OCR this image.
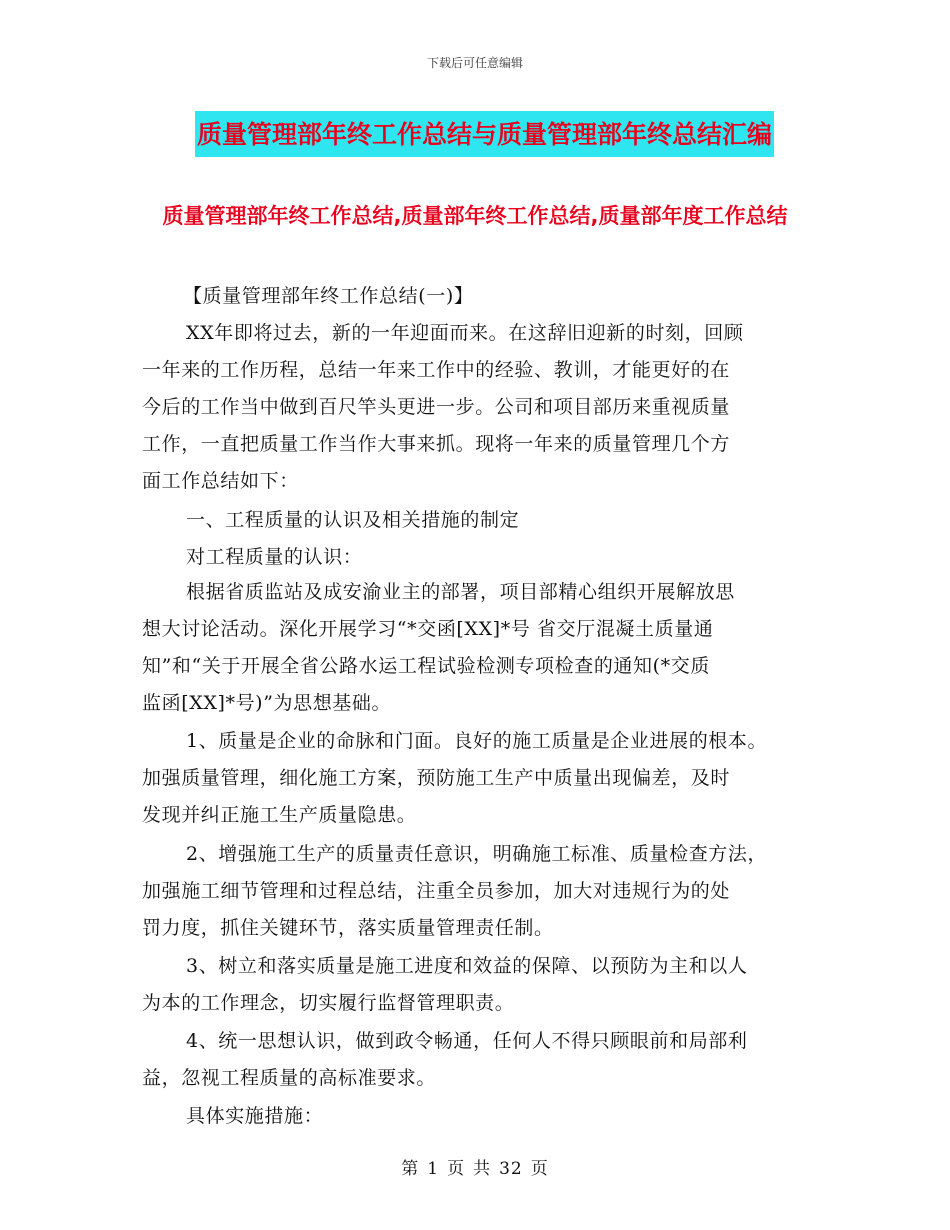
下载后可任意编辑
质量管理部年终工作总结与质量管理部年终总结汇编
质量管理部年终工作总结,质量部年终工作总结,质量部年度工作总结
【质量管理部年终工作总结(一)】
XX年即将过去，新的一年迎面而来。在这辞旧迎新的时刻，回顾
一年来的工作历程，总结一年来工作中的经验、教训，才能更好的在
今后的工作当中做到百尺竿头更进一步。公司和项目部历来重视质量
工作，一直把质量工作当作大事来抓。现将一年来的质量管理几个方
面工作总结如下：
一、工程质量的认识及相关措施的制定
对工程质量的认识：
根据省质监站及成安渝业主的部署，项目部精心组织开展解放思
想大讨论活动。深化开展学习“*交函[XX]*号 省交厅混凝土质量通
知”和“关于开展全省公路水运工程试验检测专项检查的通知(*交质
监函[XX]*号)”为思想基础。
1、质量是企业的命脉和门面。良好的施工质量是企业进展的根本。
加强质量管理，细化施工方案，预防施工生产中质量出现偏差，及时
发现并纠正施工生产质量隐患。
2、增强施工生产的质量责任意识，明确施工标准、质量检查方法，
加强施工细节管理和过程总结，注重全员参加，加大对违规行为的处
罚力度，抓住关键环节，落实质量管理责任制。
3、树立和落实质量是施工进度和效益的保障、以预防为主和以人
为本的工作理念，切实履行监督管理职责。
4、统一思想认识，做到政令畅通，任何人不得只顾眼前和局部利
益，忽视工程质量的高标准要求。
具体实施措施：
第 1 页 共 32 页
